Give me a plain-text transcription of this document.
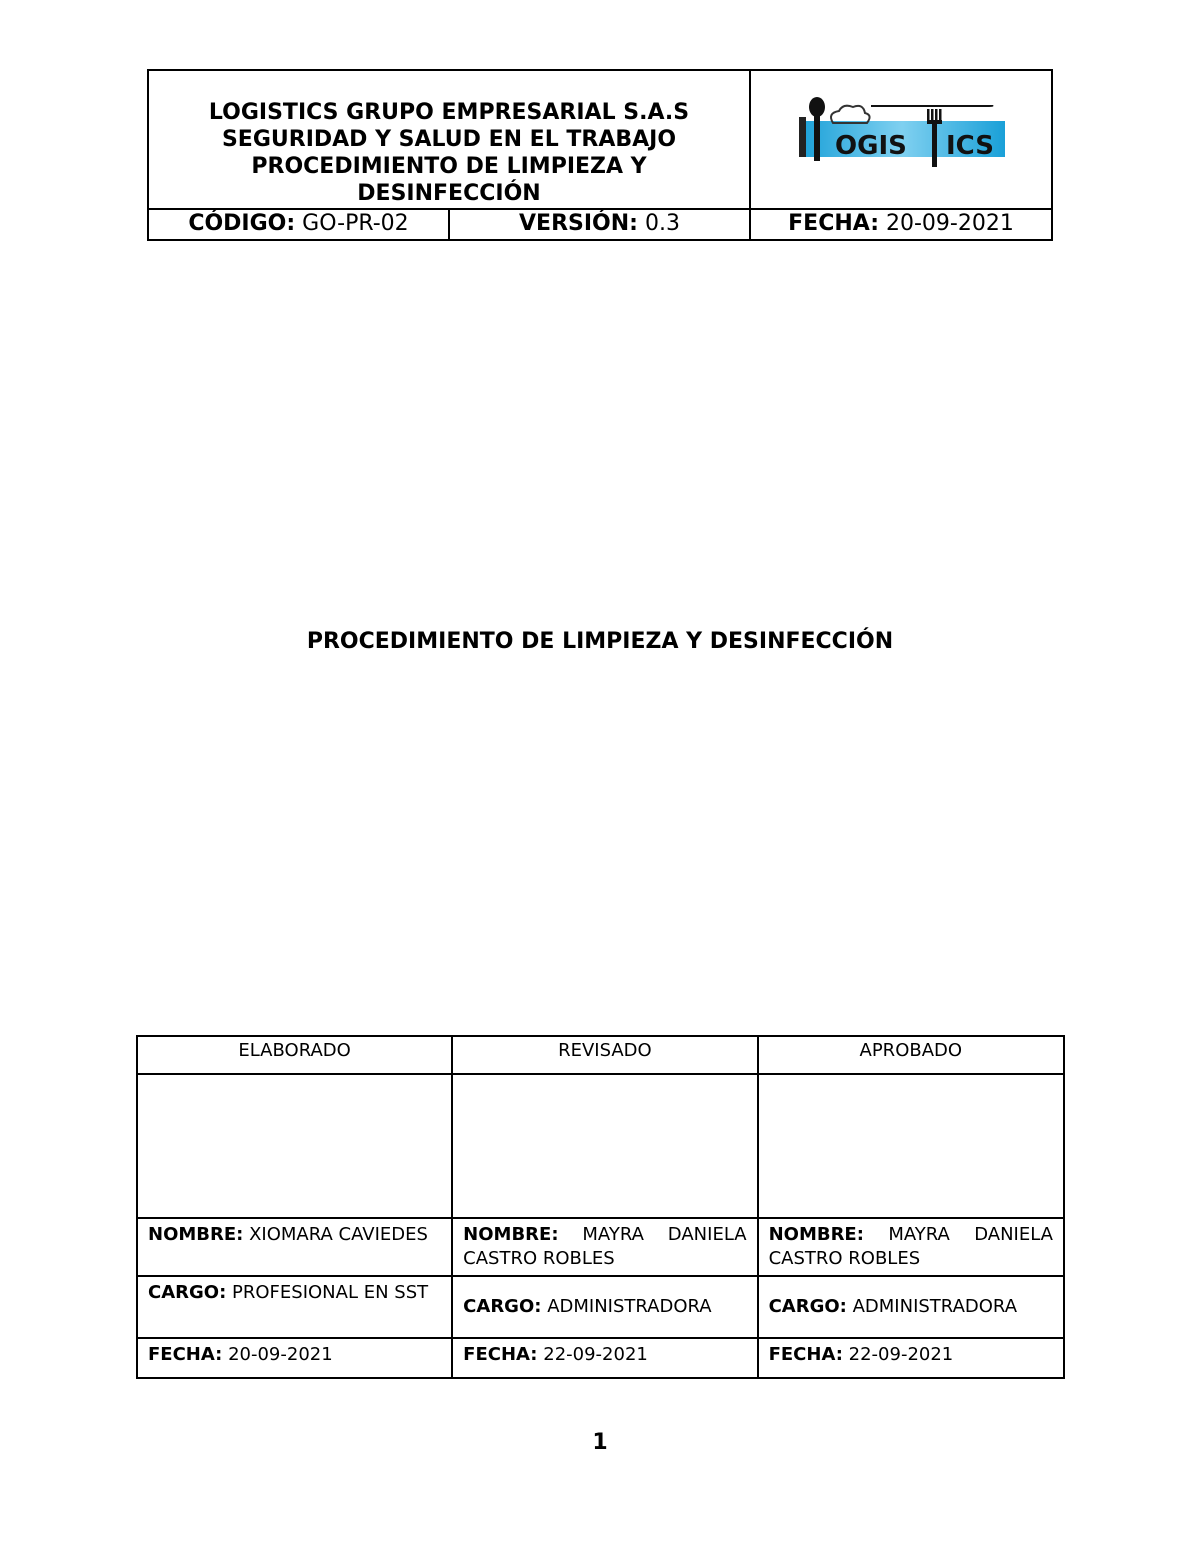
LOGISTICS GRUPO EMPRESARIAL S.A.S
SEGURIDAD Y SALUD EN EL TRABAJO
PROCEDIMIENTO DE LIMPIEZA Y
DESINFECCIÓN
OGIS ICS
CÓDIGO: GO-PR-02	VERSIÓN: 0.3	FECHA: 20-09-2021
PROCEDIMIENTO DE LIMPIEZA Y DESINFECCIÓN
ELABORADO	REVISADO	APROBADO

NOMBRE: XIOMARA CAVIEDES	NOMBRE: MAYRA DANIELA CASTRO ROBLES	NOMBRE: MAYRA DANIELA CASTRO ROBLES
CARGO: PROFESIONAL EN SST	CARGO: ADMINISTRADORA	CARGO: ADMINISTRADORA
FECHA: 20-09-2021	FECHA: 22-09-2021	FECHA: 22-09-2021
1
